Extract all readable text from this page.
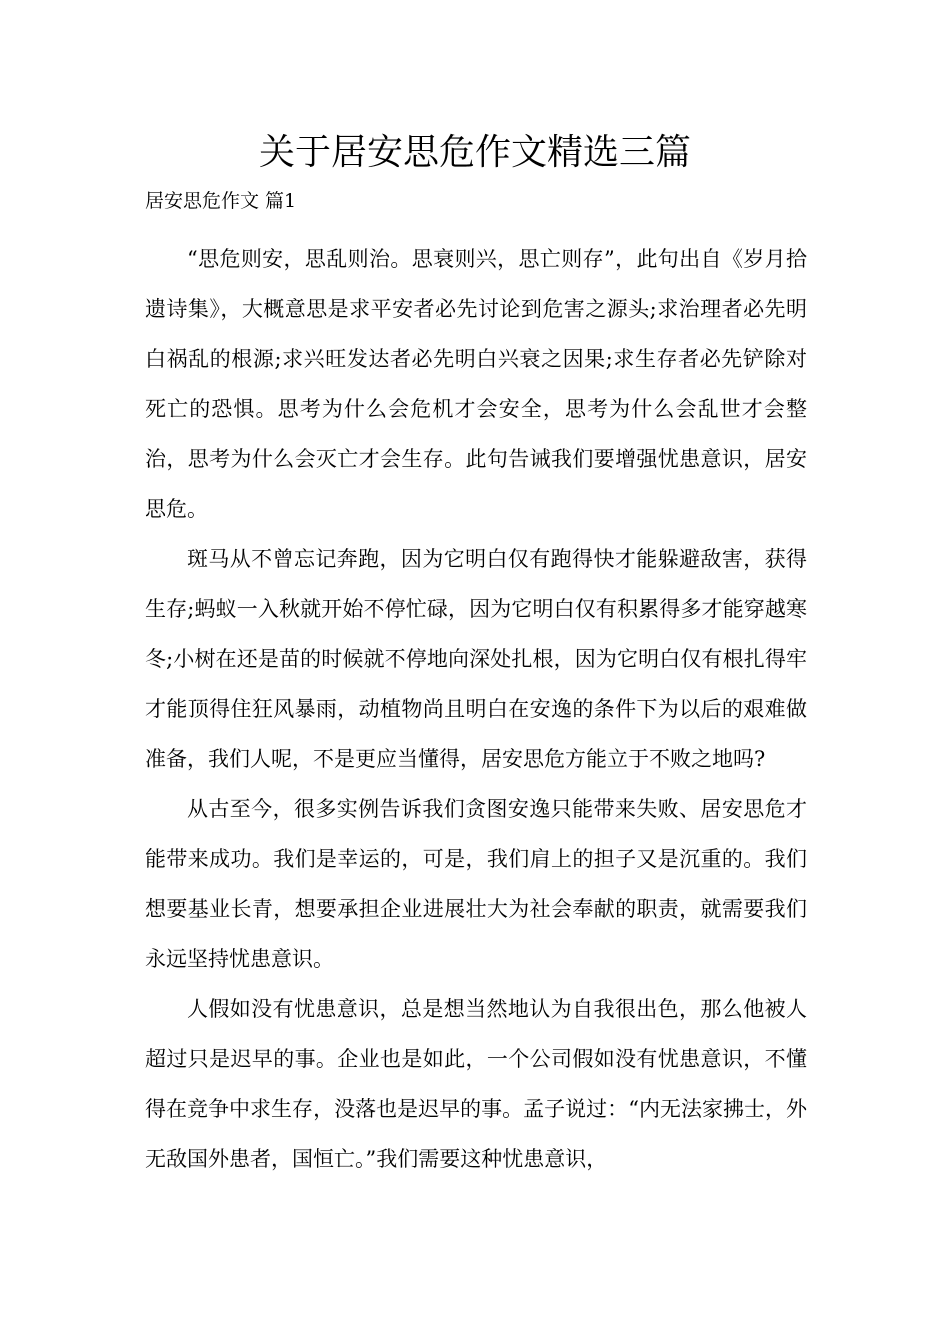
关于居安思危作文精选三篇
居安思危作文 篇1

“思危则安，思乱则治。思衰则兴，思亡则存”，此句出自《岁月拾遗诗集》，大概意思是求平安者必先讨论到危害之源头;求治理者必先明白祸乱的根源;求兴旺发达者必先明白兴衰之因果;求生存者必先铲除对死亡的恐惧。思考为什么会危机才会安全，思考为什么会乱世才会整治，思考为什么会灭亡才会生存。此句告诫我们要增强忧患意识，居安思危。

斑马从不曾忘记奔跑，因为它明白仅有跑得快才能躲避敌害，获得生存;蚂蚁一入秋就开始不停忙碌，因为它明白仅有积累得多才能穿越寒冬;小树在还是苗的时候就不停地向深处扎根，因为它明白仅有根扎得牢才能顶得住狂风暴雨，动植物尚且明白在安逸的条件下为以后的艰难做准备，我们人呢，不是更应当懂得，居安思危方能立于不败之地吗?

从古至今，很多实例告诉我们贪图安逸只能带来失败、居安思危才能带来成功。我们是幸运的，可是，我们肩上的担子又是沉重的。我们想要基业长青，想要承担企业进展壮大为社会奉献的职责，就需要我们永远坚持忧患意识。

人假如没有忧患意识，总是想当然地认为自我很出色，那么他被人超过只是迟早的事。企业也是如此，一个公司假如没有忧患意识，不懂得在竞争中求生存，没落也是迟早的事。孟子说过：“内无法家拂士，外无敌国外患者，国恒亡。”我们需要这种忧患意识，
